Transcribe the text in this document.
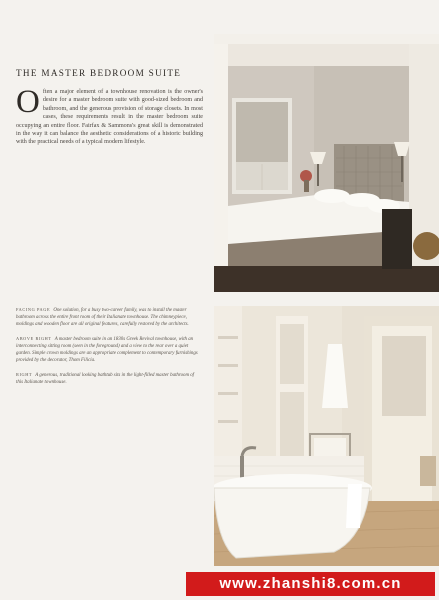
THE MASTER BEDROOM SUITE
O ften a major element of a townhouse renovation is the owner's desire for a master bedroom suite with good-sized bedroom and bathroom, and the generous provision of storage closets. In most cases, these requirements result in the master bedroom suite occupying an entire floor. Fairfax & Sammons's great skill is demonstrated in the way it can balance the aesthetic considerations of a historic building with the practical needs of a typical modern lifestyle.

FACING PAGE One solution, for a busy two-career family, was to install the master bathroom across the entire front room of their Italianate townhouse. The chimneypiece, moldings and wooden floor are all original features, carefully restored by the architects.

ABOVE RIGHT A master bedroom suite in an 1830s Greek Revival townhouse, with an interconnecting sitting room (seen in the foreground) and a view to the rear over a quiet garden. Simple crown moldings are an appropriate complement to contemporary furnishings provided by the decorator, Thom Filicia.

RIGHT A generous, traditional looking bathtub sits in the light-filled master bathroom of this Italianate townhouse.

www.zhanshi8.com.cn
